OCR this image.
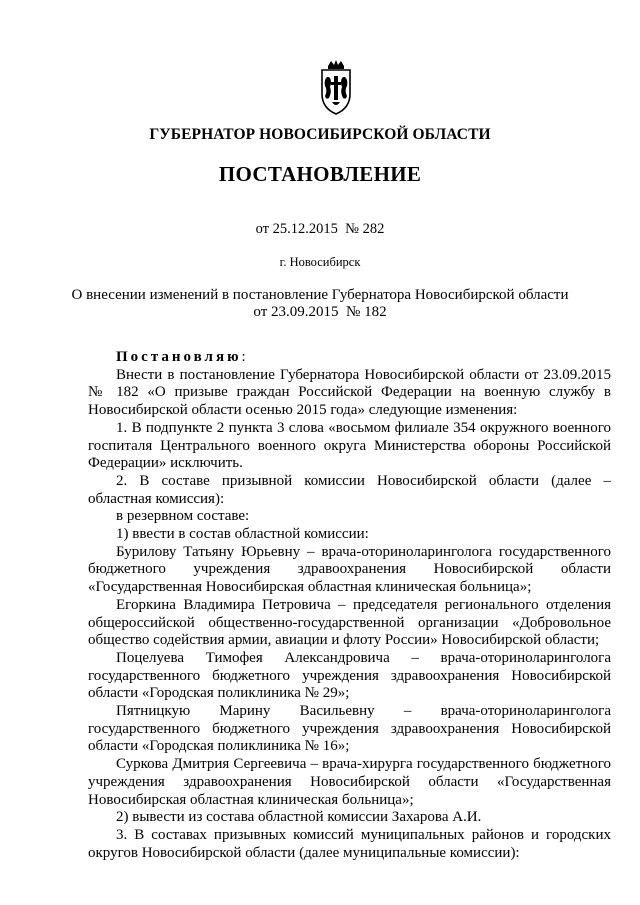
ГУБЕРНАТОР НОВОСИБИРСКОЙ ОБЛАСТИ
ПОСТАНОВЛЕНИЕ
от 25.12.2015  № 282
г. Новосибирск
О внесении изменений в постановление Губернатора Новосибирской области
от 23.09.2015  № 182

Постановляю:

Внести в постановление Губернатора Новосибирской области от 23.09.2015 № 182 «О призыве граждан Российской Федерации на военную службу в Новосибирской области осенью 2015 года» следующие изменения:

1. В подпункте 2 пункта 3 слова «восьмом филиале 354 окружного военного госпиталя Центрального военного округа Министерства обороны Российской Федерации» исключить.

2. В составе призывной комиссии Новосибирской области (далее – областная комиссия):

в резервном составе:

1) ввести в состав областной комиссии:

Бурилову Татьяну Юрьевну – врача-оториноларинголога государственного бюджетного учреждения здравоохранения Новосибирской области «Государственная Новосибирская областная клиническая больница»;

Егоркина Владимира Петровича – председателя регионального отделения общероссийской общественно-государственной организации «Добровольное общество содействия армии, авиации и флоту России» Новосибирской области;

Поцелуева Тимофея Александровича – врача-оториноларинголога государственного бюджетного учреждения здравоохранения Новосибирской области «Городская поликлиника № 29»;

Пятницкую Марину Васильевну – врача-оториноларинголога государственного бюджетного учреждения здравоохранения Новосибирской области «Городская поликлиника № 16»;

Суркова Дмитрия Сергеевича – врача-хирурга государственного бюджетного учреждения здравоохранения Новосибирской области «Государственная Новосибирская областная клиническая больница»;

2) вывести из состава областной комиссии Захарова А.И.

3. В составах призывных комиссий муниципальных районов и городских округов Новосибирской области (далее муниципальные комиссии):
